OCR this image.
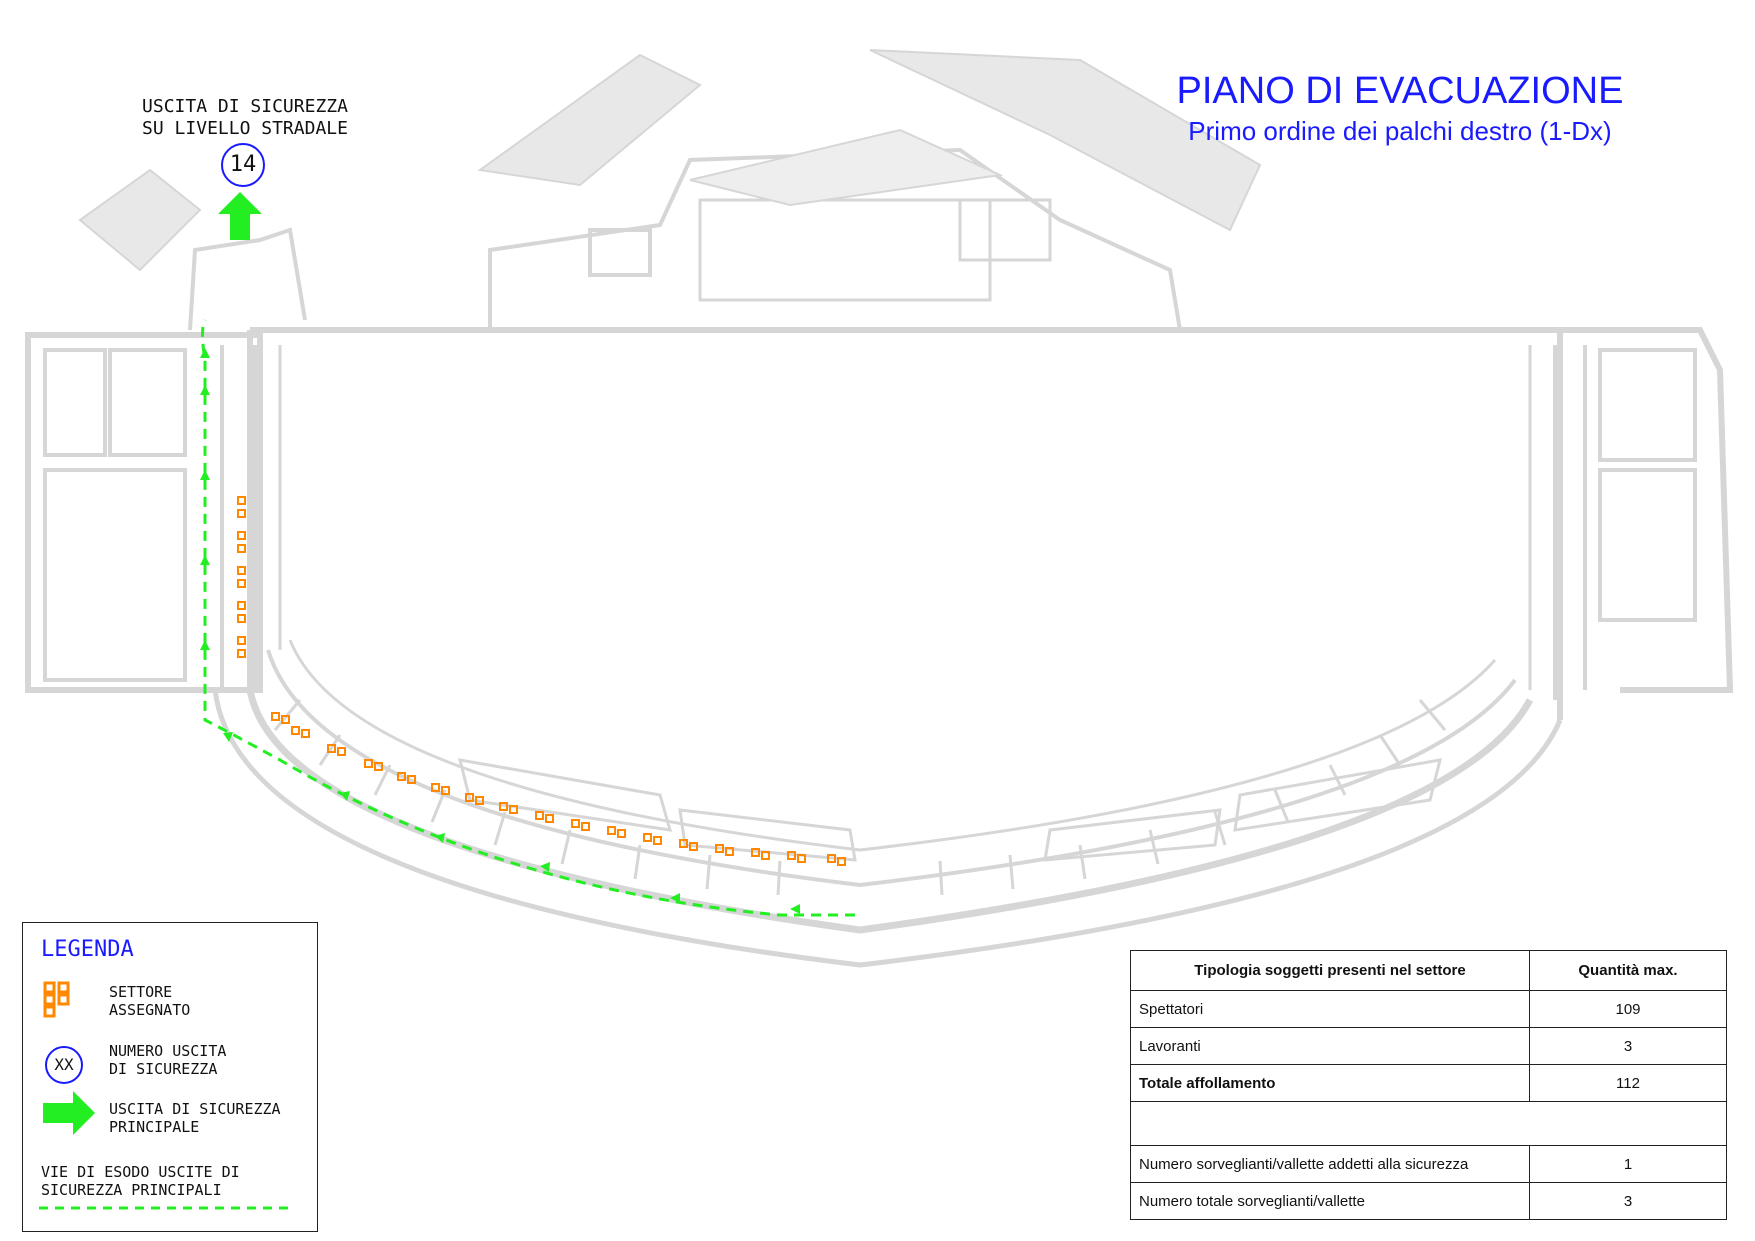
PIANO DI EVACUAZIONE
Primo ordine dei palchi destro (1-Dx)
USCITA DI SICUREZZA
SU LIVELLO STRADALE
14
LEGENDA
SETTORE
ASSEGNATO
XX
NUMERO USCITA
DI SICUREZZA
USCITA DI SICUREZZA
PRINCIPALE
VIE DI ESODO USCITE DI
SICUREZZA PRINCIPALI
Tipologia soggetti presenti nel settore	Quantità max.
Spettatori	109
Lavoranti	3
Totale affollamento	112

Numero sorveglianti/vallette addetti alla sicurezza	1
Numero totale sorveglianti/vallette	3
